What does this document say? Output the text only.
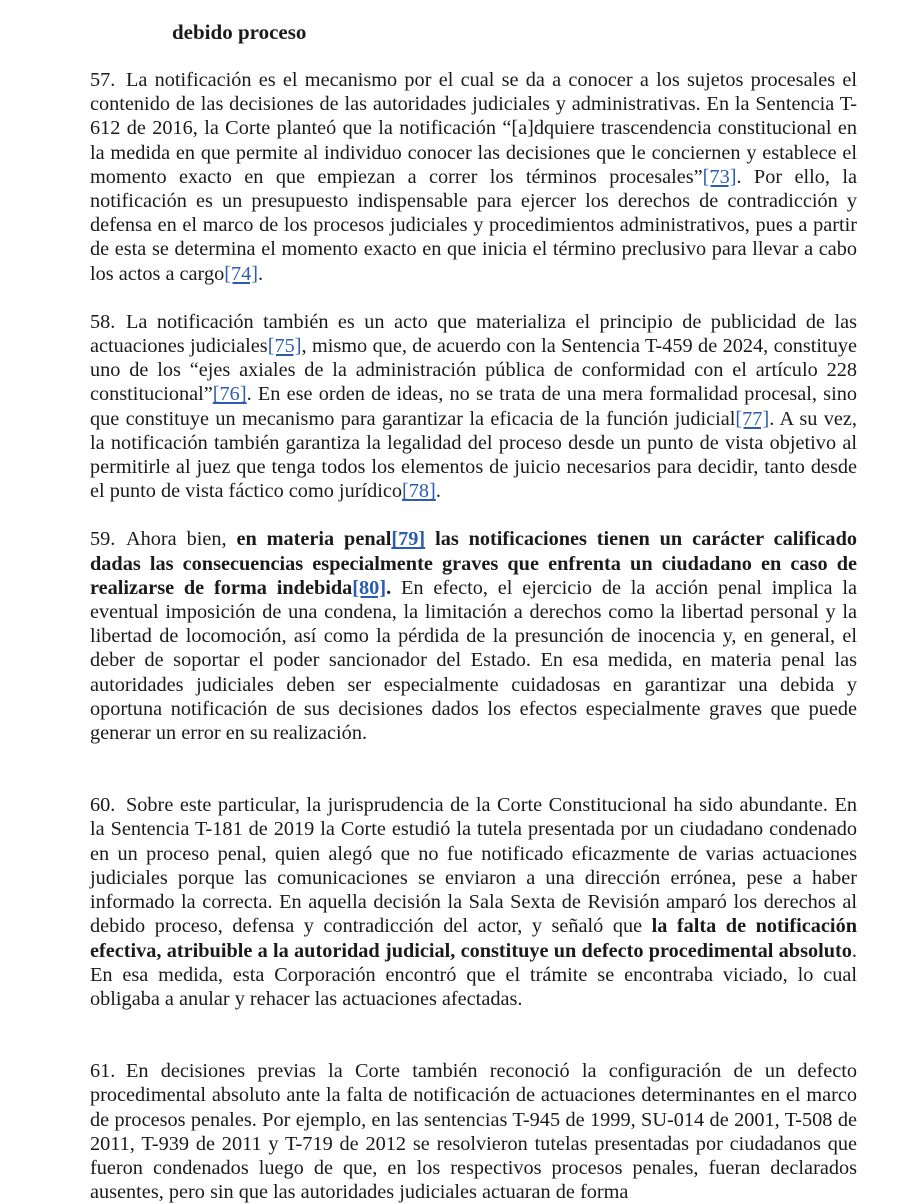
debido proceso

57. La notificación es el mecanismo por el cual se da a conocer a los sujetos procesales el contenido de las decisiones de las autoridades judiciales y administrativas. En la Sentencia T-612 de 2016, la Corte planteó que la notificación “[a]dquiere trascendencia constitucional en la medida en que permite al individuo conocer las decisiones que le conciernen y establece el momento exacto en que empiezan a correr los términos procesales”[73]. Por ello, la notificación es un presupuesto indispensable para ejercer los derechos de contradicción y defensa en el marco de los procesos judiciales y procedimientos administrativos, pues a partir de esta se determina el momento exacto en que inicia el término preclusivo para llevar a cabo los actos a cargo[74].

58. La notificación también es un acto que materializa el principio de publicidad de las actuaciones judiciales[75], mismo que, de acuerdo con la Sentencia T-459 de 2024, constituye uno de los “ejes axiales de la administración pública de conformidad con el artículo 228 constitucional”[76]. En ese orden de ideas, no se trata de una mera formalidad procesal, sino que constituye un mecanismo para garantizar la eficacia de la función judicial[77]. A su vez, la notificación también garantiza la legalidad del proceso desde un punto de vista objetivo al permitirle al juez que tenga todos los elementos de juicio necesarios para decidir, tanto desde el punto de vista fáctico como jurídico[78].

59. Ahora bien, en materia penal[79] las notificaciones tienen un carácter calificado dadas las consecuencias especialmente graves que enfrenta un ciudadano en caso de realizarse de forma indebida[80]. En efecto, el ejercicio de la acción penal implica la eventual imposición de una condena, la limitación a derechos como la libertad personal y la libertad de locomoción, así como la pérdida de la presunción de inocencia y, en general, el deber de soportar el poder sancionador del Estado. En esa medida, en materia penal las autoridades judiciales deben ser especialmente cuidadosas en garantizar una debida y oportuna notificación de sus decisiones dados los efectos especialmente graves que puede generar un error en su realización.

60. Sobre este particular, la jurisprudencia de la Corte Constitucional ha sido abundante. En la Sentencia T-181 de 2019 la Corte estudió la tutela presentada por un ciudadano condenado en un proceso penal, quien alegó que no fue notificado eficazmente de varias actuaciones judiciales porque las comunicaciones se enviaron a una dirección errónea, pese a haber informado la correcta. En aquella decisión la Sala Sexta de Revisión amparó los derechos al debido proceso, defensa y contradicción del actor, y señaló que la falta de notificación efectiva, atribuible a la autoridad judicial, constituye un defecto procedimental absoluto. En esa medida, esta Corporación encontró que el trámite se encontraba viciado, lo cual obligaba a anular y rehacer las actuaciones afectadas.

61. En decisiones previas la Corte también reconoció la configuración de un defecto procedimental absoluto ante la falta de notificación de actuaciones determinantes en el marco de procesos penales. Por ejemplo, en las sentencias T-945 de 1999, SU-014 de 2001, T-508 de 2011, T-939 de 2011 y T-719 de 2012 se resolvieron tutelas presentadas por ciudadanos que fueron condenados luego de que, en los respectivos procesos penales, fueran declarados ausentes, pero sin que las autoridades judiciales actuaran de forma
